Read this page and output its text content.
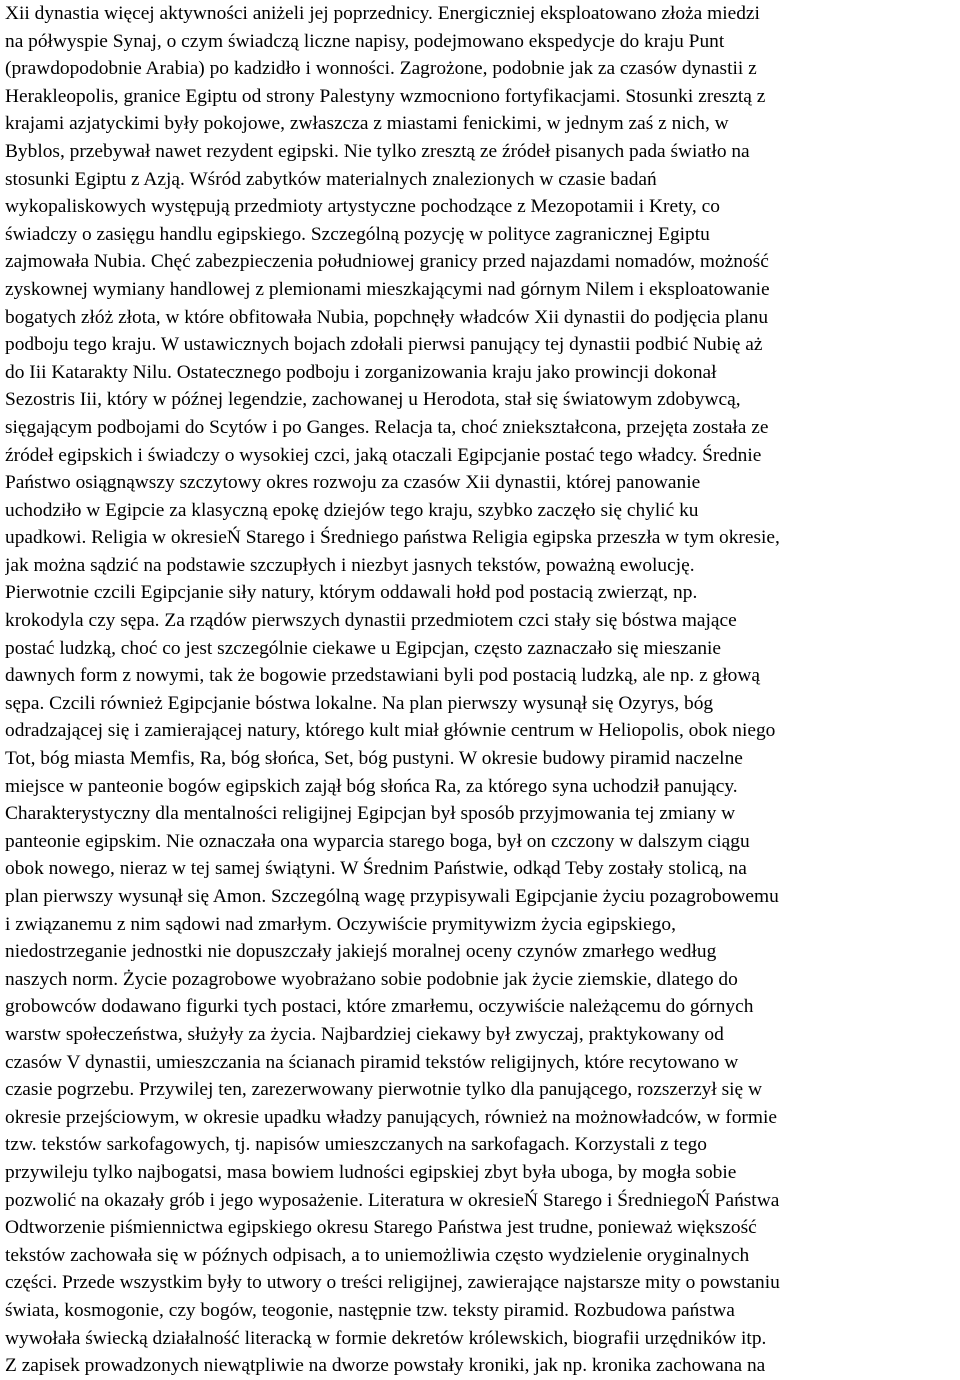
Xii dynastia więcej aktywności aniżeli jej poprzednicy. Energiczniej eksploatowano złoża miedzi
na półwyspie Synaj, o czym świadczą liczne napisy, podejmowano ekspedycje do kraju Punt
(prawdopodobnie Arabia) po kadzidło i wonności. Zagrożone, podobnie jak za czasów dynastii z
Herakleopolis, granice Egiptu od strony Palestyny wzmocniono fortyfikacjami. Stosunki zresztą z
krajami azjatyckimi były pokojowe, zwłaszcza z miastami fenickimi, w jednym zaś z nich, w
Byblos, przebywał nawet rezydent egipski. Nie tylko zresztą ze źródeł pisanych pada światło na
stosunki Egiptu z Azją. Wśród zabytków materialnych znalezionych w czasie badań
wykopaliskowych występują przedmioty artystyczne pochodzące z Mezopotamii i Krety, co
świadczy o zasięgu handlu egipskiego. Szczególną pozycję w polityce zagranicznej Egiptu
zajmowała Nubia. Chęć zabezpieczenia południowej granicy przed najazdami nomadów, możność
zyskownej wymiany handlowej z plemionami mieszkającymi nad górnym Nilem i eksploatowanie
bogatych złóż złota, w które obfitowała Nubia, popchnęły władców Xii dynastii do podjęcia planu
podboju tego kraju. W ustawicznych bojach zdołali pierwsi panujący tej dynastii podbić Nubię aż
do Iii Katarakty Nilu. Ostatecznego podboju i zorganizowania kraju jako prowincji dokonał
Sezostris Iii, który w późnej legendzie, zachowanej u Herodota, stał się światowym zdobywcą,
sięgającym podbojami do Scytów i po Ganges. Relacja ta, choć zniekształcona, przejęta została ze
źródeł egipskich i świadczy o wysokiej czci, jaką otaczali Egipcjanie postać tego władcy. Średnie
Państwo osiągnąwszy szczytowy okres rozwoju za czasów Xii dynastii, której panowanie
uchodziło w Egipcie za klasyczną epokę dziejów tego kraju, szybko zaczęło się chylić ku
upadkowi. Religia w okresieŃ Starego i Średniego państwa Religia egipska przeszła w tym okresie,
jak można sądzić na podstawie szczupłych i niezbyt jasnych tekstów, poważną ewolucję.
Pierwotnie czcili Egipcjanie siły natury, którym oddawali hołd pod postacią zwierząt, np.
krokodyla czy sępa. Za rządów pierwszych dynastii przedmiotem czci stały się bóstwa mające
postać ludzką, choć co jest szczególnie ciekawe u Egipcjan, często zaznaczało się mieszanie
dawnych form z nowymi, tak że bogowie przedstawiani byli pod postacią ludzką, ale np. z głową
sępa. Czcili również Egipcjanie bóstwa lokalne. Na plan pierwszy wysunął się Ozyrys, bóg
odradzającej się i zamierającej natury, którego kult miał głównie centrum w Heliopolis, obok niego
Tot, bóg miasta Memfis, Ra, bóg słońca, Set, bóg pustyni. W okresie budowy piramid naczelne
miejsce w panteonie bogów egipskich zajął bóg słońca Ra, za którego syna uchodził panujący.
Charakterystyczny dla mentalności religijnej Egipcjan był sposób przyjmowania tej zmiany w
panteonie egipskim. Nie oznaczała ona wyparcia starego boga, był on czczony w dalszym ciągu
obok nowego, nieraz w tej samej świątyni. W Średnim Państwie, odkąd Teby zostały stolicą, na
plan pierwszy wysunął się Amon. Szczególną wagę przypisywali Egipcjanie życiu pozagrobowemu
i związanemu z nim sądowi nad zmarłym. Oczywiście prymitywizm życia egipskiego,
niedostrzeganie jednostki nie dopuszczały jakiejś moralnej oceny czynów zmarłego według
naszych norm. Życie pozagrobowe wyobrażano sobie podobnie jak życie ziemskie, dlatego do
grobowców dodawano figurki tych postaci, które zmarłemu, oczywiście należącemu do górnych
warstw społeczeństwa, służyły za życia. Najbardziej ciekawy był zwyczaj, praktykowany od
czasów V dynastii, umieszczania na ścianach piramid tekstów religijnych, które recytowano w
czasie pogrzebu. Przywilej ten, zarezerwowany pierwotnie tylko dla panującego, rozszerzył się w
okresie przejściowym, w okresie upadku władzy panujących, również na możnowładców, w formie
tzw. tekstów sarkofagowych, tj. napisów umieszczanych na sarkofagach. Korzystali z tego
przywileju tylko najbogatsi, masa bowiem ludności egipskiej zbyt była uboga, by mogła sobie
pozwolić na okazały grób i jego wyposażenie. Literatura w okresieŃ Starego i ŚredniegoŃ Państwa
Odtworzenie piśmiennictwa egipskiego okresu Starego Państwa jest trudne, ponieważ większość
tekstów zachowała się w późnych odpisach, a to uniemożliwia często wydzielenie oryginalnych
części. Przede wszystkim były to utwory o treści religijnej, zawierające najstarsze mity o powstaniu
świata, kosmogonie, czy bogów, teogonie, następnie tzw. teksty piramid. Rozbudowa państwa
wywołała świecką działalność literacką w formie dekretów królewskich, biografii urzędników itp.
Z zapisek prowadzonych niewątpliwie na dworze powstały kroniki, jak np. kronika zachowana na
